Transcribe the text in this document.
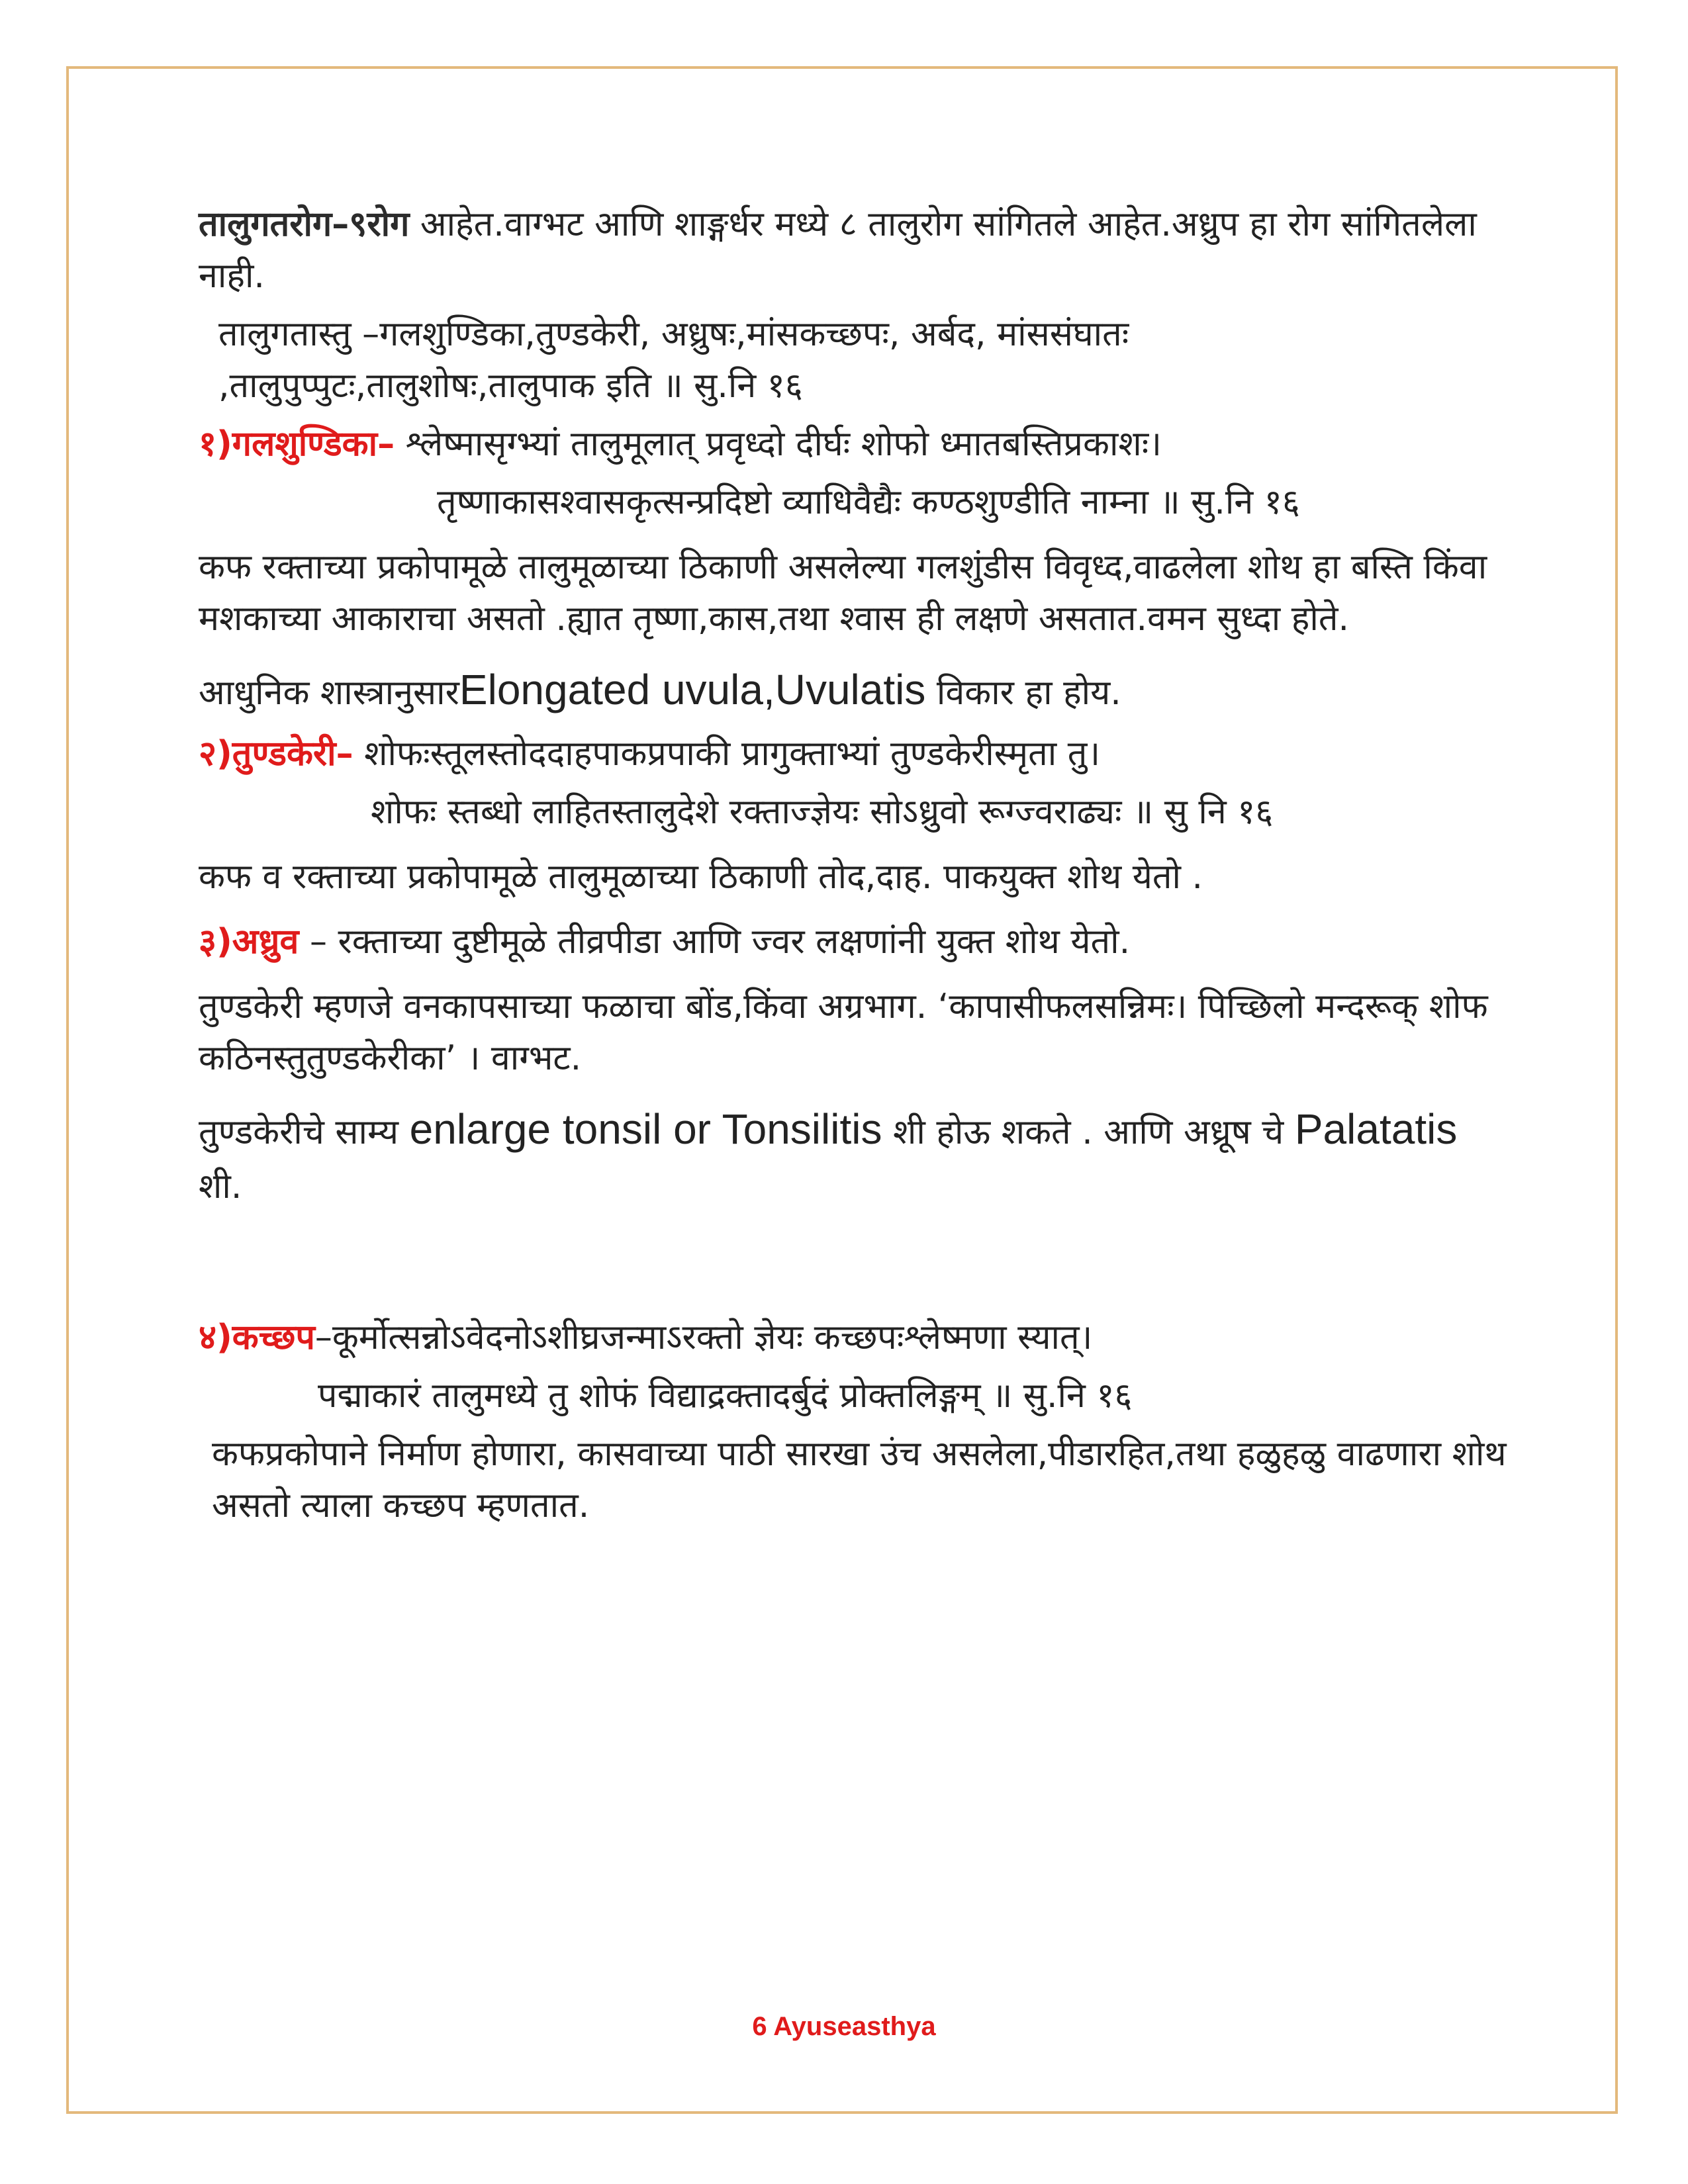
तालुगतरोग–९रोग आहेत.वाग्भट आणि शाङ्गर्धर मध्ये ८ तालुरोग सांगितले आहेत.अध्रुप हा रोग सांगितलेला नाही.

तालुगतास्तु –गलशुण्डिका,तुण्डकेरी, अध्रुषः,मांसकच्छपः, अर्बद, मांससंघातः ,तालुपुप्पुटः,तालुशोषः,तालुपाक इति ॥ सु.नि १६

१)गलशुण्डिका– श्लेष्मासृग्भ्यां तालुमूलात् प्रवृध्दो दीर्घः शोफो ध्मातबस्तिप्रकाशः।

तृष्णाकासश्वासकृत्सन्प्रदिष्टो व्याधिवैद्यैः कण्ठशुण्डीति नाम्ना ॥ सु.नि १६

कफ रक्ताच्या प्रकोपामूळे तालुमूळाच्या ठिकाणी असलेल्या गलशुंडीस विवृध्द,वाढलेला शोथ हा बस्ति किंवा मशकाच्या आकाराचा असतो .ह्यात तृष्णा,कास,तथा श्वास ही लक्षणे असतात.वमन सुध्दा होते.

आधुनिक शास्त्रानुसारElongated uvula,Uvulatis विकार हा होय.

२)तुण्डकेरी– शोफःस्तूलस्तोददाहपाकप्रपाकी प्रागुक्ताभ्यां तुण्डकेरीस्मृता तु।

शोफः स्तब्धो लाहितस्तालुदेशे रक्ताज्ज्ञेयः सोऽध्रुवो रूग्ज्वराढ्यः ॥ सु नि १६

कफ व रक्ताच्या प्रकोपामूळे तालुमूळाच्या ठिकाणी तोद,दाह. पाकयुक्त शोथ येतो .

३)अध्रुव – रक्ताच्या दुष्टीमूळे तीव्रपीडा आणि ज्वर लक्षणांनी युक्त शोथ येतो.

तुण्डकेरी म्हणजे वनकापसाच्या फळाचा बोंड,किंवा अग्रभाग. ‘कापासीफलसन्निमः। पिच्छिलो मन्दरूक् शोफ कठिनस्तुतुण्डकेरीका’ । वाग्भट.

तुण्डकेरीचे साम्य enlarge tonsil or Tonsilitis शी होऊ शकते . आणि अध्रूष चे Palatatis शी.

४)कच्छप–कूर्मोत्सन्नोऽवेदनोऽशीघ्रजन्माऽरक्तो ज्ञेयः कच्छपःश्लेष्मणा स्यात्।

पद्माकारं तालुमध्ये तु शोफं विद्याद्रक्तादर्बुदं प्रोक्तलिङ्गम् ॥ सु.नि १६

कफप्रकोपाने निर्माण होणारा, कासवाच्या पाठी सारखा उंच असलेला,पीडारहित,तथा हळुहळु वाढणारा शोथ असतो त्याला कच्छप म्हणतात.

6 Ayuseasthya
